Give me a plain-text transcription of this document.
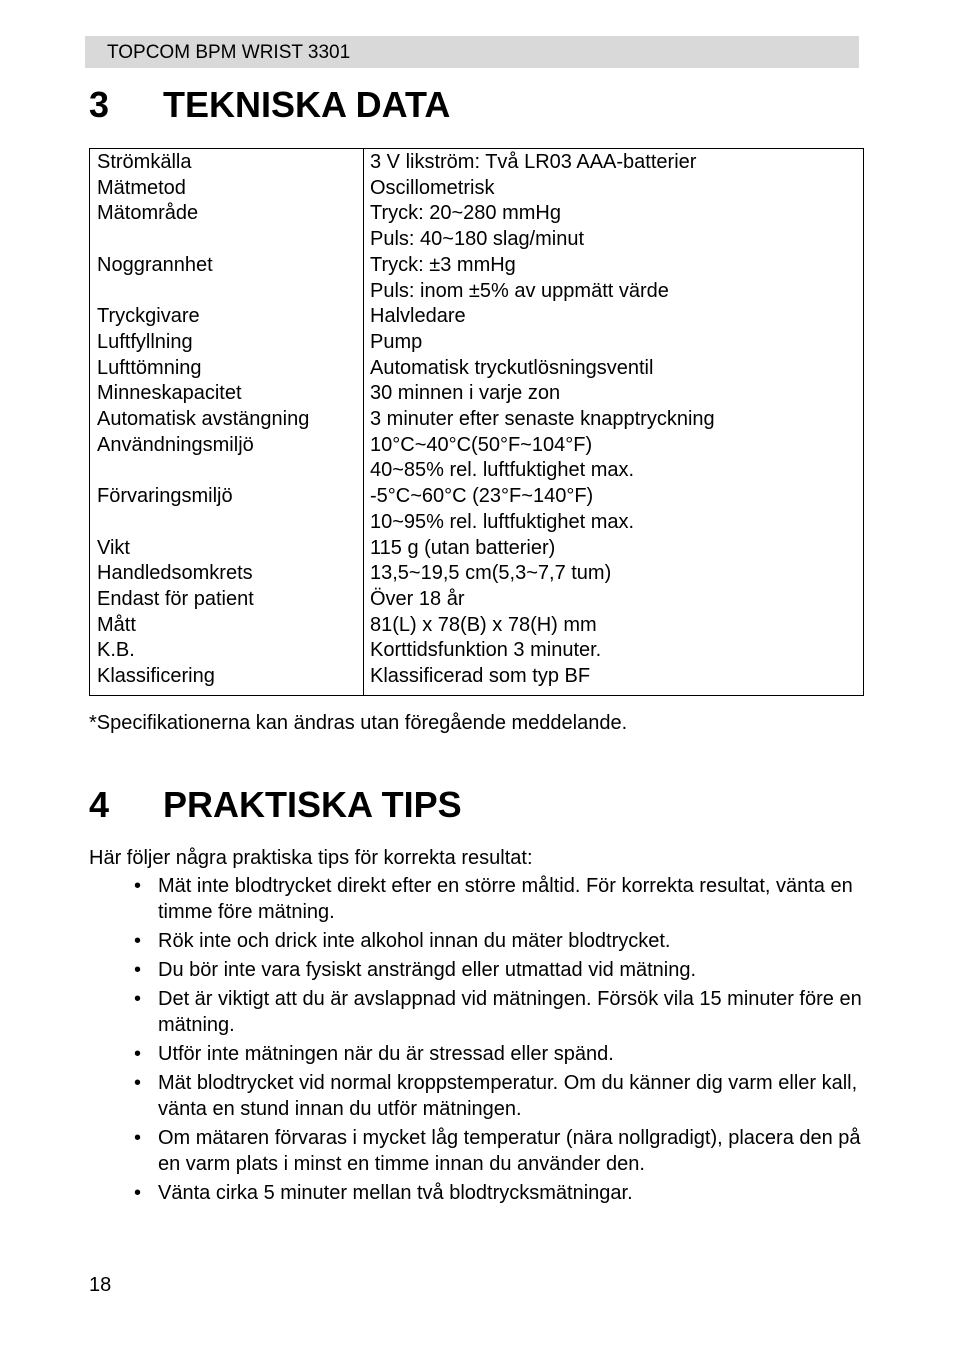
TOPCOM BPM WRIST 3301
3 TEKNISKA DATA
Strömkälla	3 V likström: Två LR03 AAA-batterier

Mätmetod	Oscillometrisk

Mätområde	Tryck: 20~280 mmHg
Puls: 40~180 slag/minut

Noggrannhet	Tryck: ±3 mmHg
Puls: inom ±5% av uppmätt värde

Tryckgivare	Halvledare

Luftfyllning	Pump

Lufttömning	Automatisk tryckutlösningsventil

Minneskapacitet	30 minnen i varje zon

Automatisk avstängning	3 minuter efter senaste knapptryckning

Användningsmiljö	10°C~40°C(50°F~104°F)
40~85% rel. luftfuktighet max.

Förvaringsmiljö	-5°C~60°C (23°F~140°F)
10~95% rel. luftfuktighet max.

Vikt	115 g (utan batterier)

Handledsomkrets	13,5~19,5 cm(5,3~7,7 tum)

Endast för patient	Över 18 år

Mått	81(L) x 78(B) x 78(H) mm

K.B.	Korttidsfunktion 3 minuter.

Klassificering	Klassificerad som typ BF
*Specifikationerna kan ändras utan föregående meddelande.
4 PRAKTISKA TIPS
Här följer några praktiska tips för korrekta resultat:
• Mät inte blodtrycket direkt efter en större måltid. För korrekta resultat, vänta en timme före mätning.
• Rök inte och drick inte alkohol innan du mäter blodtrycket.
• Du bör inte vara fysiskt ansträngd eller utmattad vid mätning.
• Det är viktigt att du är avslappnad vid mätningen. Försök vila 15 minuter före en mätning.
• Utför inte mätningen när du är stressad eller spänd.
• Mät blodtrycket vid normal kroppstemperatur. Om du känner dig varm eller kall, vänta en stund innan du utför mätningen.
• Om mätaren förvaras i mycket låg temperatur (nära nollgradigt), placera den på en varm plats i minst en timme innan du använder den.
• Vänta cirka 5 minuter mellan två blodtrycksmätningar.
18
